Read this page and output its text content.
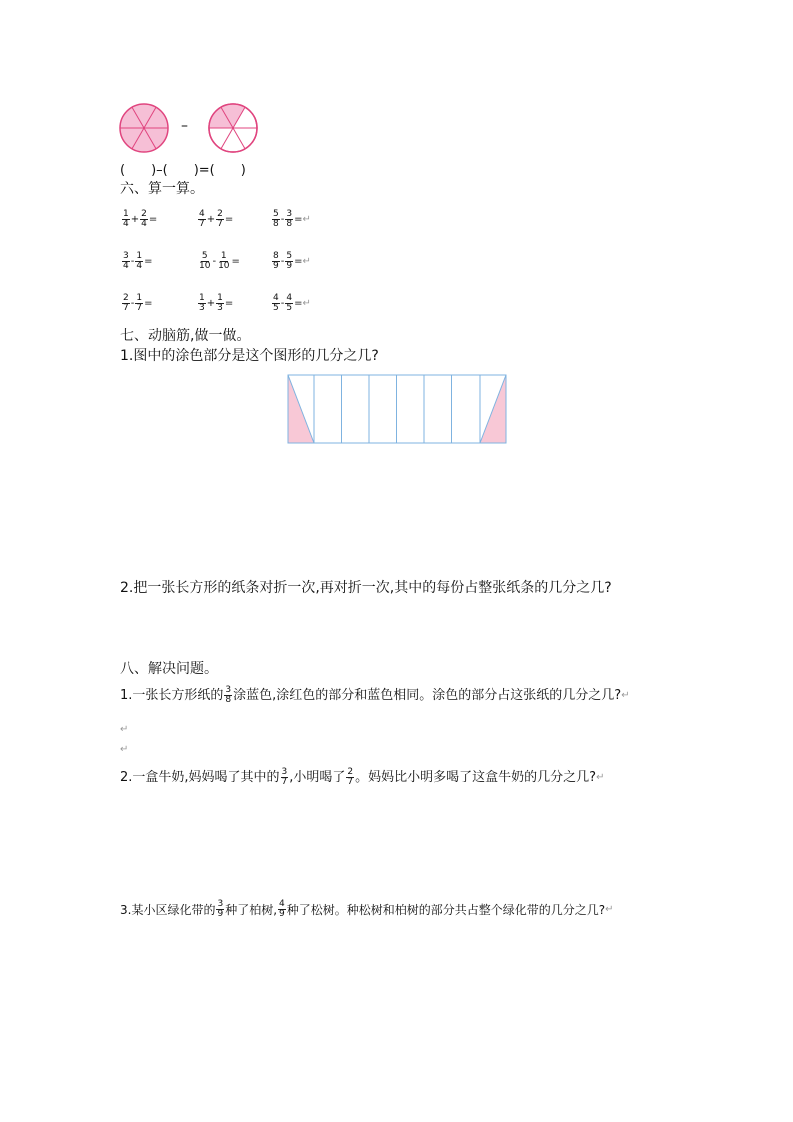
–
(　　)–(　　)=(　　)
六、算一算。
$\frac{1}{4} + \frac{2}{4}$ =	$\frac{4}{7} + \frac{2}{7}$ =	$\frac{5}{8} - \frac{3}{8}$ = ↵
$\frac{3}{4} - \frac{1}{4}$ =	$\frac{5}{10} - \frac{1}{10}$ =	$\frac{8}{9} - \frac{5}{9}$ = ↵
$\frac{2}{7} - \frac{1}{7}$ =	$\frac{1}{3} + \frac{1}{3}$ =	$\frac{4}{5} - \frac{4}{5}$ = ↵
七、动脑筋,做一做。
1.图中的涂色部分是这个图形的几分之几?
2.把一张长方形的纸条对折一次,再对折一次,其中的每份占整张纸条的几分之几?
八、解决问题。
1.一张长方形纸的 $\frac{3}{8}$ 涂蓝色,涂红色的部分和蓝色相同。涂色的部分占这张纸的几分之几? ↵
↵
↵
2.一盒牛奶,妈妈喝了其中的 $\frac{3}{7}$ ,小明喝了 $\frac{2}{7}$ 。妈妈比小明多喝了这盒牛奶的几分之几? ↵
3.某小区绿化带的 $\frac{3}{9}$ 种了柏树, $\frac{4}{9}$ 种了松树。种松树和柏树的部分共占整个绿化带的几分之几? ↵
